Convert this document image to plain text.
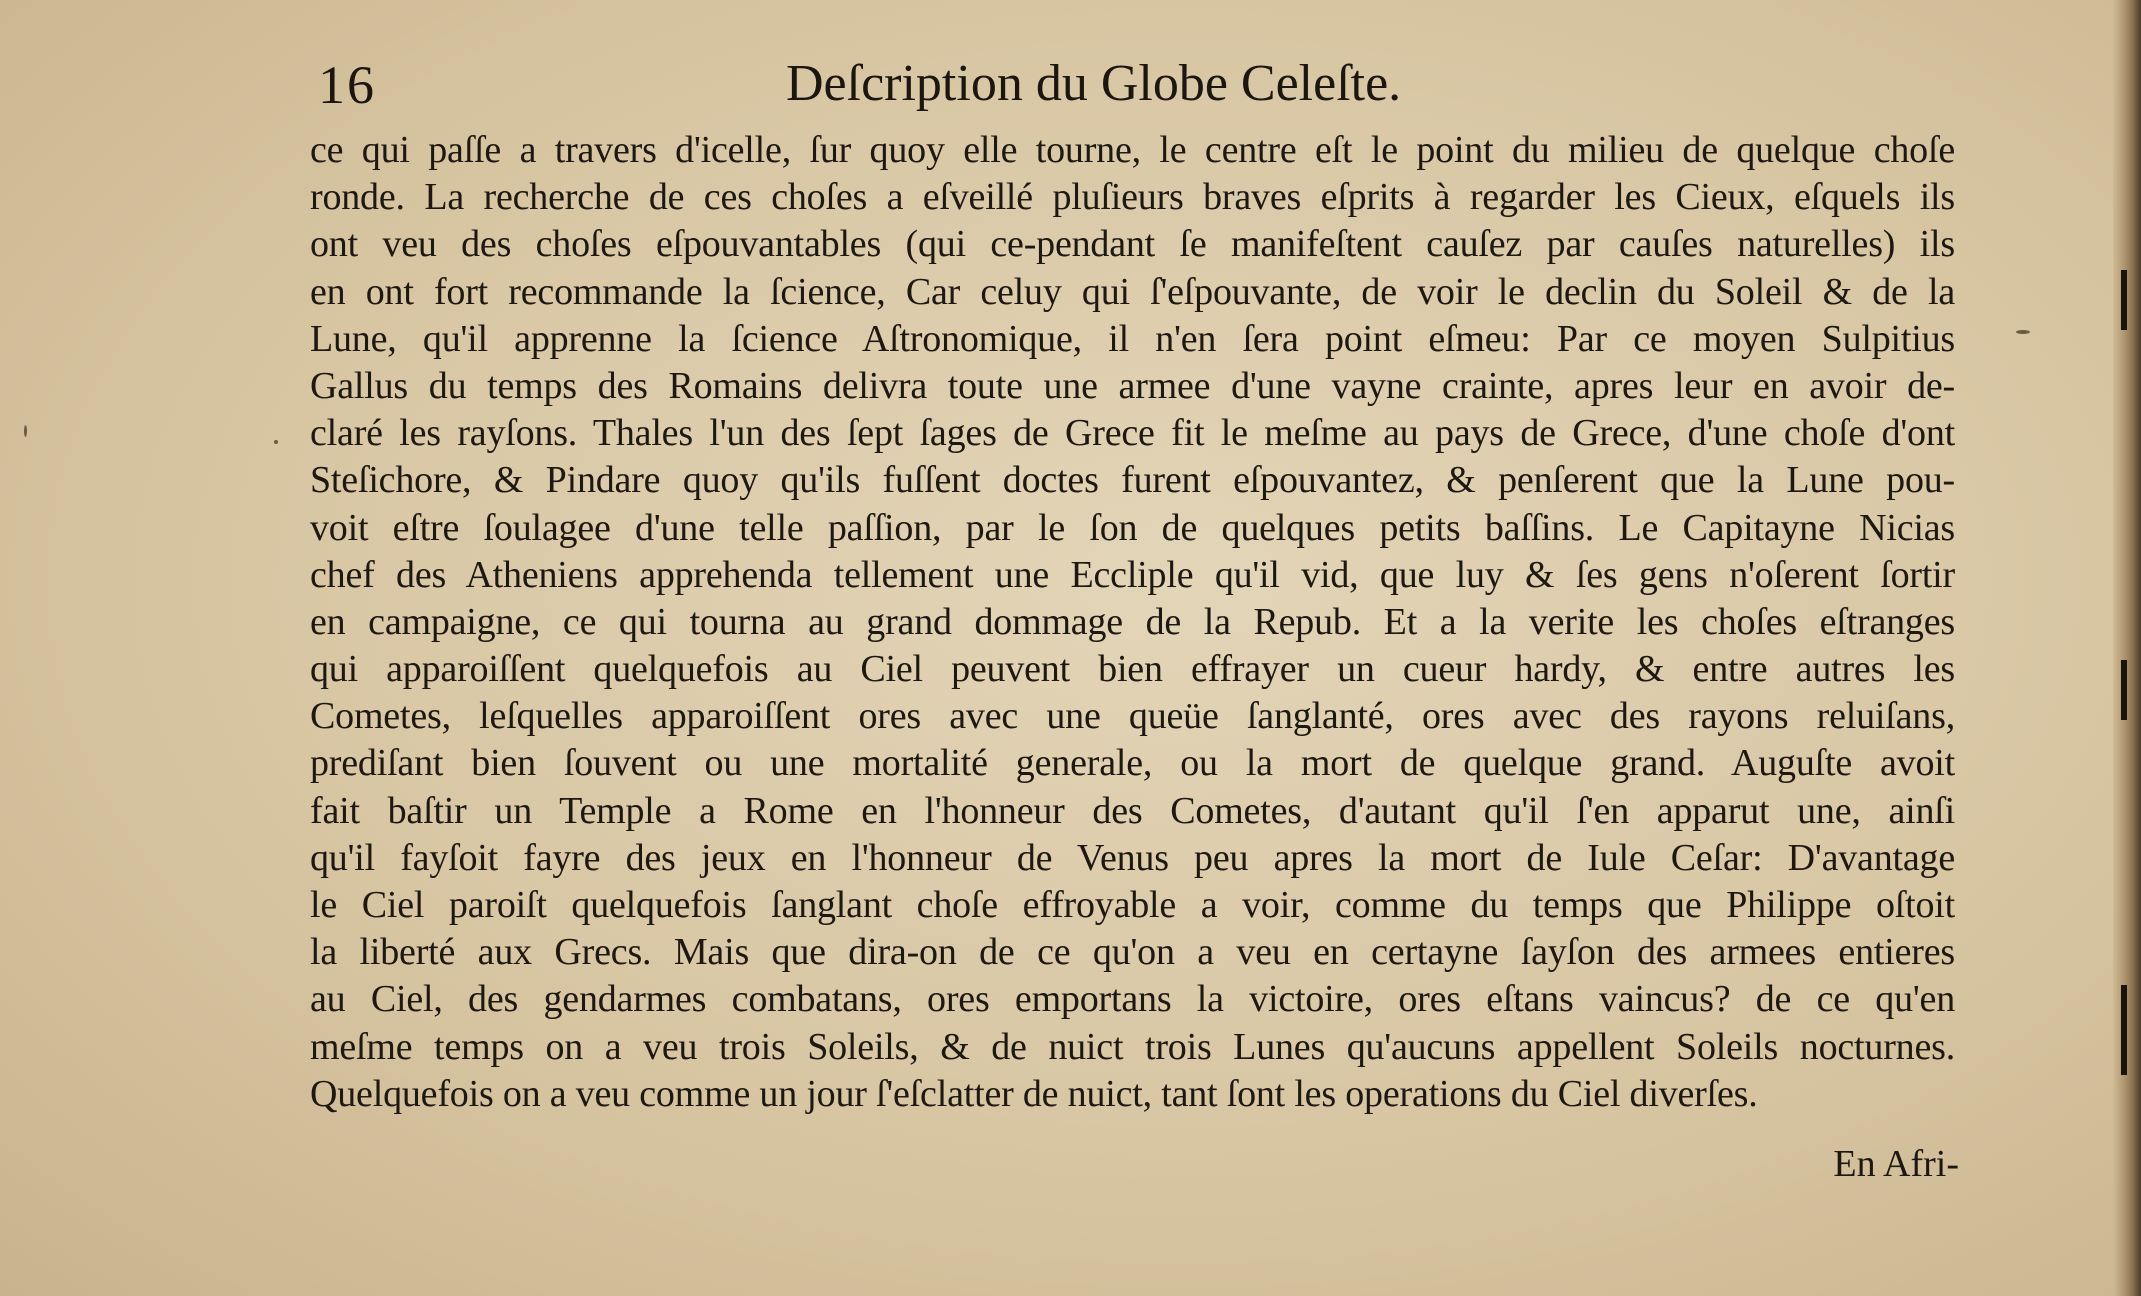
16	Deſcription du Globe Celeſte.
ce qui paſſe a travers d'icelle, ſur quoy elle tourne, le centre eſt le point du milieu de quelque choſe
ronde. La recherche de ces choſes a eſveillé pluſieurs braves eſprits à regarder les Cieux, eſquels ils
ont veu des choſes eſpouvantables (qui ce-pendant ſe manifeſtent cauſez par cauſes naturelles) ils
en ont fort recommande la ſcience, Car celuy qui ſ'eſpouvante, de voir le declin du Soleil & de la
Lune, qu'il apprenne la ſcience Aſtronomique, il n'en ſera point eſmeu: Par ce moyen Sulpitius
Gallus du temps des Romains delivra toute une armee d'une vayne crainte, apres leur en avoir de-
claré les rayſons. Thales l'un des ſept ſages de Grece fit le meſme au pays de Grece, d'une choſe d'ont
Steſichore, & Pindare quoy qu'ils fuſſent doctes furent eſpouvantez, & penſerent que la Lune pou-
voit eſtre ſoulagee d'une telle paſſion, par le ſon de quelques petits baſſins. Le Capitayne Nicias
chef des Atheniens apprehenda tellement une Eccliple qu'il vid, que luy & ſes gens n'oſerent ſortir
en campaigne, ce qui tourna au grand dommage de la Repub. Et a la verite les choſes eſtranges
qui apparoiſſent quelquefois au Ciel peuvent bien effrayer un cueur hardy, & entre autres les
Cometes, leſquelles apparoiſſent ores avec une queüe ſanglanté, ores avec des rayons reluiſans,
prediſant bien ſouvent ou une mortalité generale, ou la mort de quelque grand. Auguſte avoit
fait baſtir un Temple a Rome en l'honneur des Cometes, d'autant qu'il ſ'en apparut une, ainſi
qu'il fayſoit fayre des jeux en l'honneur de Venus peu apres la mort de Iule Ceſar: D'avantage
le Ciel paroiſt quelquefois ſanglant choſe effroyable a voir, comme du temps que Philippe oſtoit
la liberté aux Grecs. Mais que dira-on de ce qu'on a veu en certayne ſayſon des armees entieres
au Ciel, des gendarmes combatans, ores emportans la victoire, ores eſtans vaincus? de ce qu'en
meſme temps on a veu trois Soleils, & de nuict trois Lunes qu'aucuns appellent Soleils nocturnes.
Quelquefois on a veu comme un jour ſ'eſclatter de nuict, tant ſont les operations du Ciel diverſes.
En Afri-
